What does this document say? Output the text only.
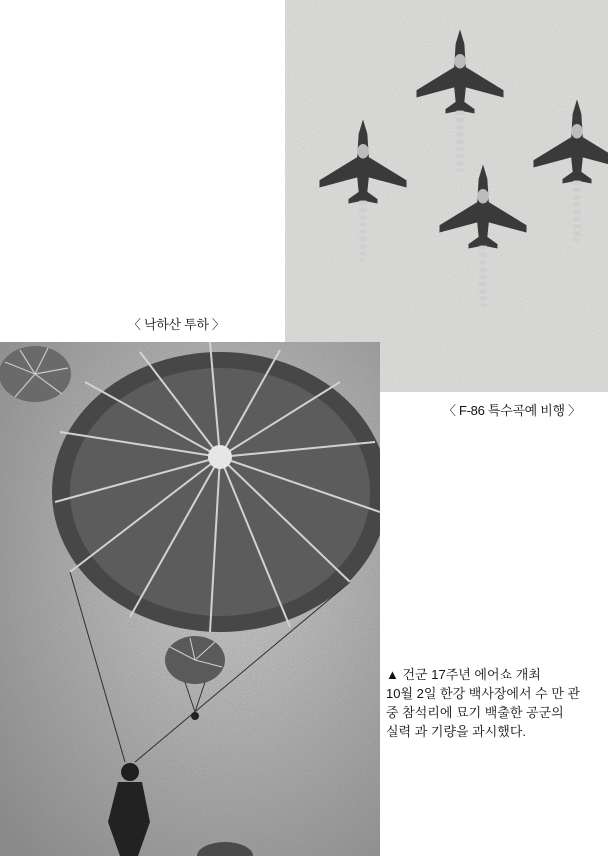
〈 낙하산 투하 〉
〈 F-86 특수곡예 비행 〉
▲ 건군 17주년 에어쇼 개최
10월 2일 한강 백사장에서 수 만 관
중 참석리에 묘기 백출한 공군의
실력 과 기량을 과시했다.
